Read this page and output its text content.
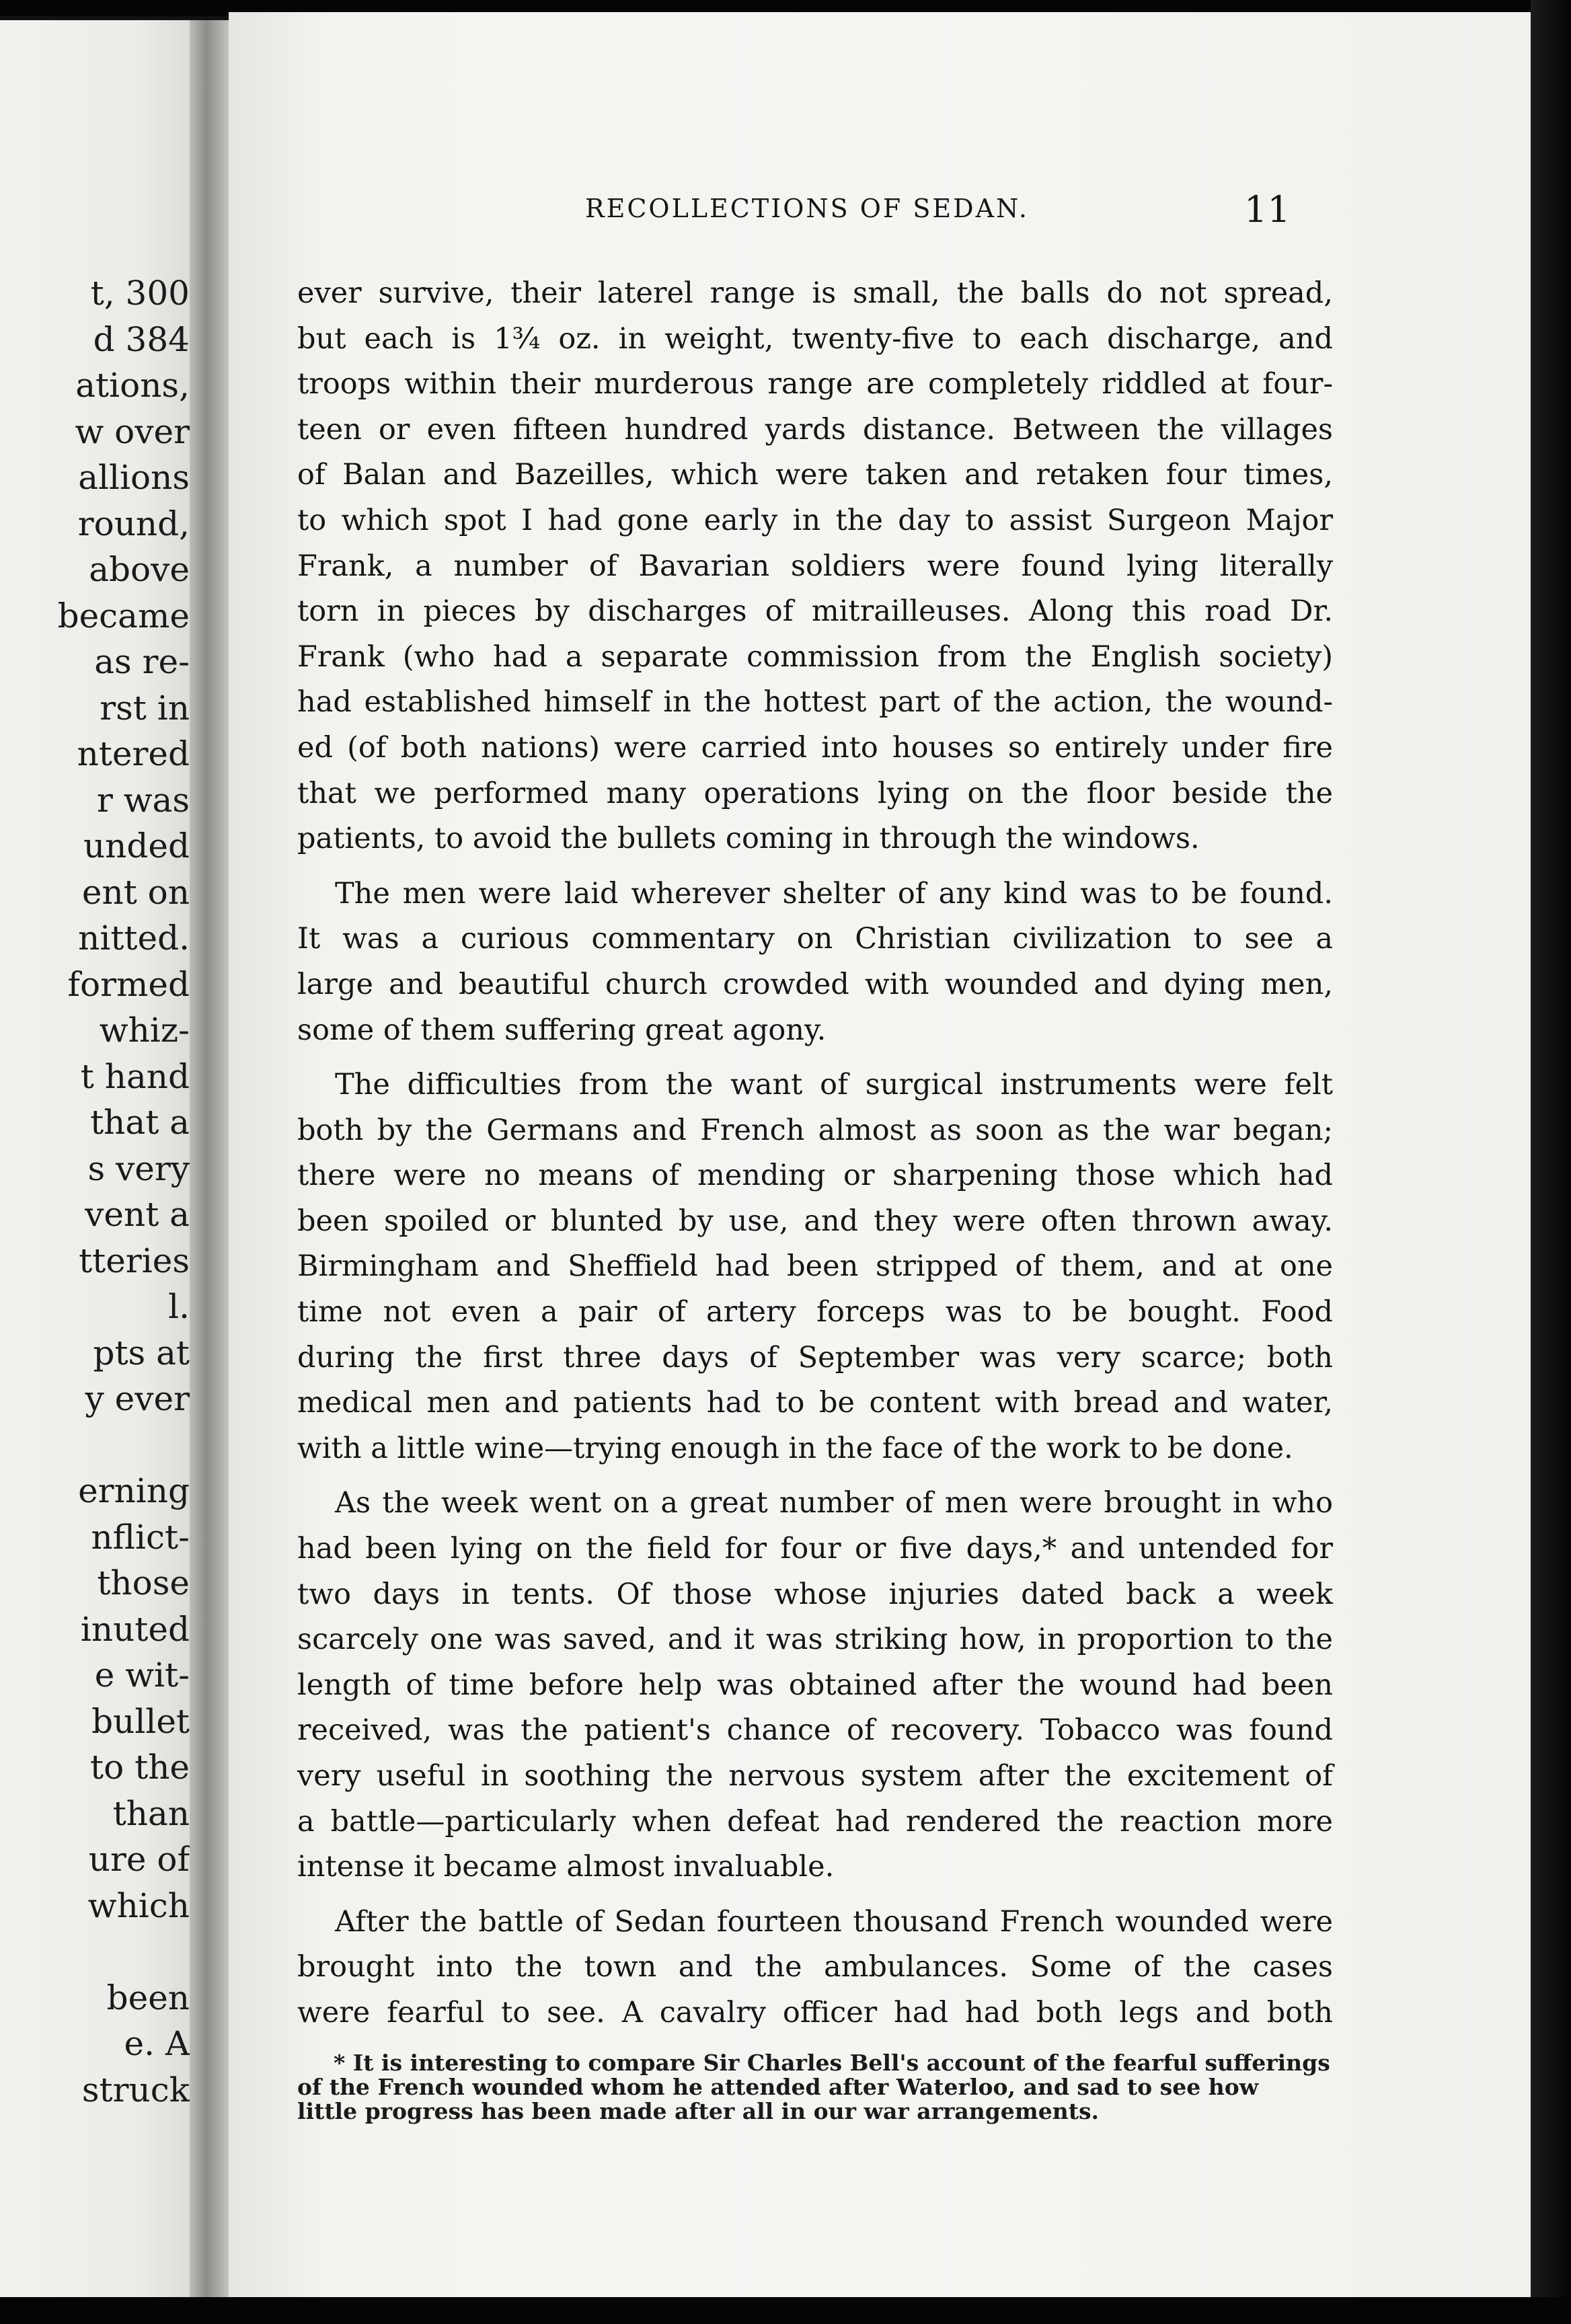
t, 300
d 384
ations,
w over
allions
round,
above
became
as re-
rst in
ntered
r was
unded
ent on
nitted.
formed
whiz-
t hand
that a
s very
vent a
tteries
l.
pts at
y ever
erning
nflict-
those
inuted
e wit-
bullet
to the
than
ure of
which
been
e. A
struck
RECOLLECTIONS OF SEDAN.	11
ever survive, their laterel range is small, the balls do not spread,
but each is 1¾ oz. in weight, twenty-five to each discharge, and
troops within their murderous range are completely riddled at four-
teen or even fifteen hundred yards distance. Between the villages
of Balan and Bazeilles, which were taken and retaken four times,
to which spot I had gone early in the day to assist Surgeon Major
Frank, a number of Bavarian soldiers were found lying literally
torn in pieces by discharges of mitrailleuses. Along this road Dr.
Frank (who had a separate commission from the English society)
had established himself in the hottest part of the action, the wound-
ed (of both nations) were carried into houses so entirely under fire
that we performed many operations lying on the floor beside the
patients, to avoid the bullets coming in through the windows.
The men were laid wherever shelter of any kind was to be found.
It was a curious commentary on Christian civilization to see a
large and beautiful church crowded with wounded and dying men,
some of them suffering great agony.
The difficulties from the want of surgical instruments were felt
both by the Germans and French almost as soon as the war began;
there were no means of mending or sharpening those which had
been spoiled or blunted by use, and they were often thrown away.
Birmingham and Sheffield had been stripped of them, and at one
time not even a pair of artery forceps was to be bought. Food
during the first three days of September was very scarce; both
medical men and patients had to be content with bread and water,
with a little wine—trying enough in the face of the work to be done.
As the week went on a great number of men were brought in who
had been lying on the field for four or five days,* and untended for
two days in tents. Of those whose injuries dated back a week
scarcely one was saved, and it was striking how, in proportion to the
length of time before help was obtained after the wound had been
received, was the patient's chance of recovery. Tobacco was found
very useful in soothing the nervous system after the excitement of
a battle—particularly when defeat had rendered the reaction more
intense it became almost invaluable.
After the battle of Sedan fourteen thousand French wounded were
brought into the town and the ambulances. Some of the cases
were fearful to see. A cavalry officer had had both legs and both
* It is interesting to compare Sir Charles Bell's account of the fearful sufferings
of the French wounded whom he attended after Waterloo, and sad to see how
little progress has been made after all in our war arrangements.
